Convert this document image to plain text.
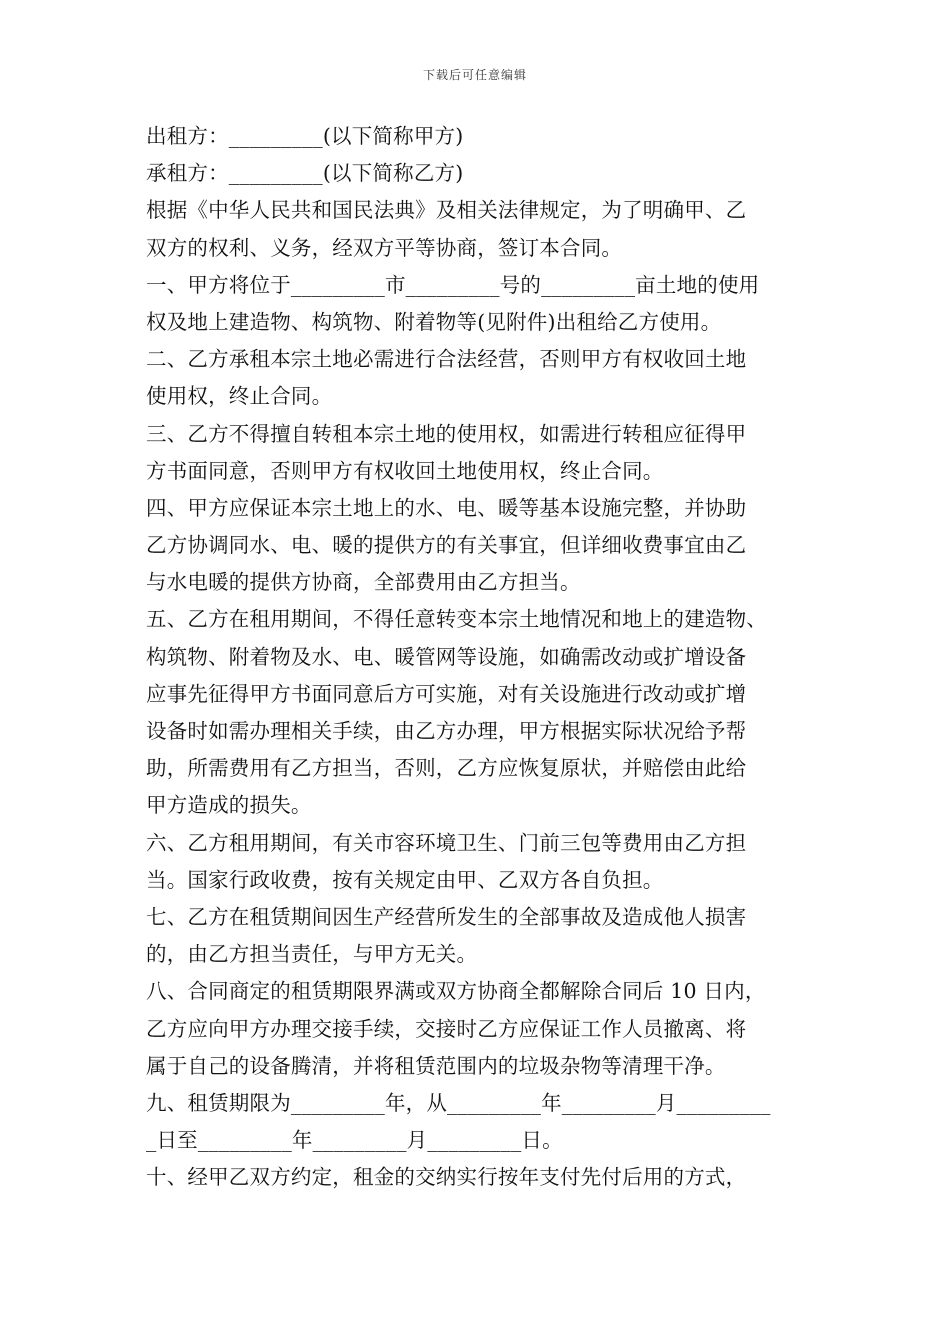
下载后可任意编辑
出租方：_________(以下简称甲方)
承租方：_________(以下简称乙方)
根据《中华人民共和国民法典》及相关法律规定，为了明确甲、乙
双方的权利、义务，经双方平等协商，签订本合同。
一、甲方将位于_________市_________号的_________亩土地的使用
权及地上建造物、构筑物、附着物等(见附件)出租给乙方使用。
二、乙方承租本宗土地必需进行合法经营，否则甲方有权收回土地
使用权，终止合同。
三、乙方不得擅自转租本宗土地的使用权，如需进行转租应征得甲
方书面同意，否则甲方有权收回土地使用权，终止合同。
四、甲方应保证本宗土地上的水、电、暖等基本设施完整，并协助
乙方协调同水、电、暖的提供方的有关事宜，但详细收费事宜由乙
与水电暖的提供方协商，全部费用由乙方担当。
五、乙方在租用期间，不得任意转变本宗土地情况和地上的建造物、
构筑物、附着物及水、电、暖管网等设施，如确需改动或扩增设备
应事先征得甲方书面同意后方可实施，对有关设施进行改动或扩增
设备时如需办理相关手续，由乙方办理，甲方根据实际状况给予帮
助，所需费用有乙方担当，否则，乙方应恢复原状，并赔偿由此给
甲方造成的损失。
六、乙方租用期间，有关市容环境卫生、门前三包等费用由乙方担
当。国家行政收费，按有关规定由甲、乙双方各自负担。
七、乙方在租赁期间因生产经营所发生的全部事故及造成他人损害
的，由乙方担当责任，与甲方无关。
八、合同商定的租赁期限界满或双方协商全都解除合同后 10 日内，
乙方应向甲方办理交接手续，交接时乙方应保证工作人员撤离、将
属于自己的设备腾清，并将租赁范围内的垃圾杂物等清理干净。
九、租赁期限为_________年，从_________年_________月_________
_日至_________年_________月_________日。
十、经甲乙双方约定，租金的交纳实行按年支付先付后用的方式，
